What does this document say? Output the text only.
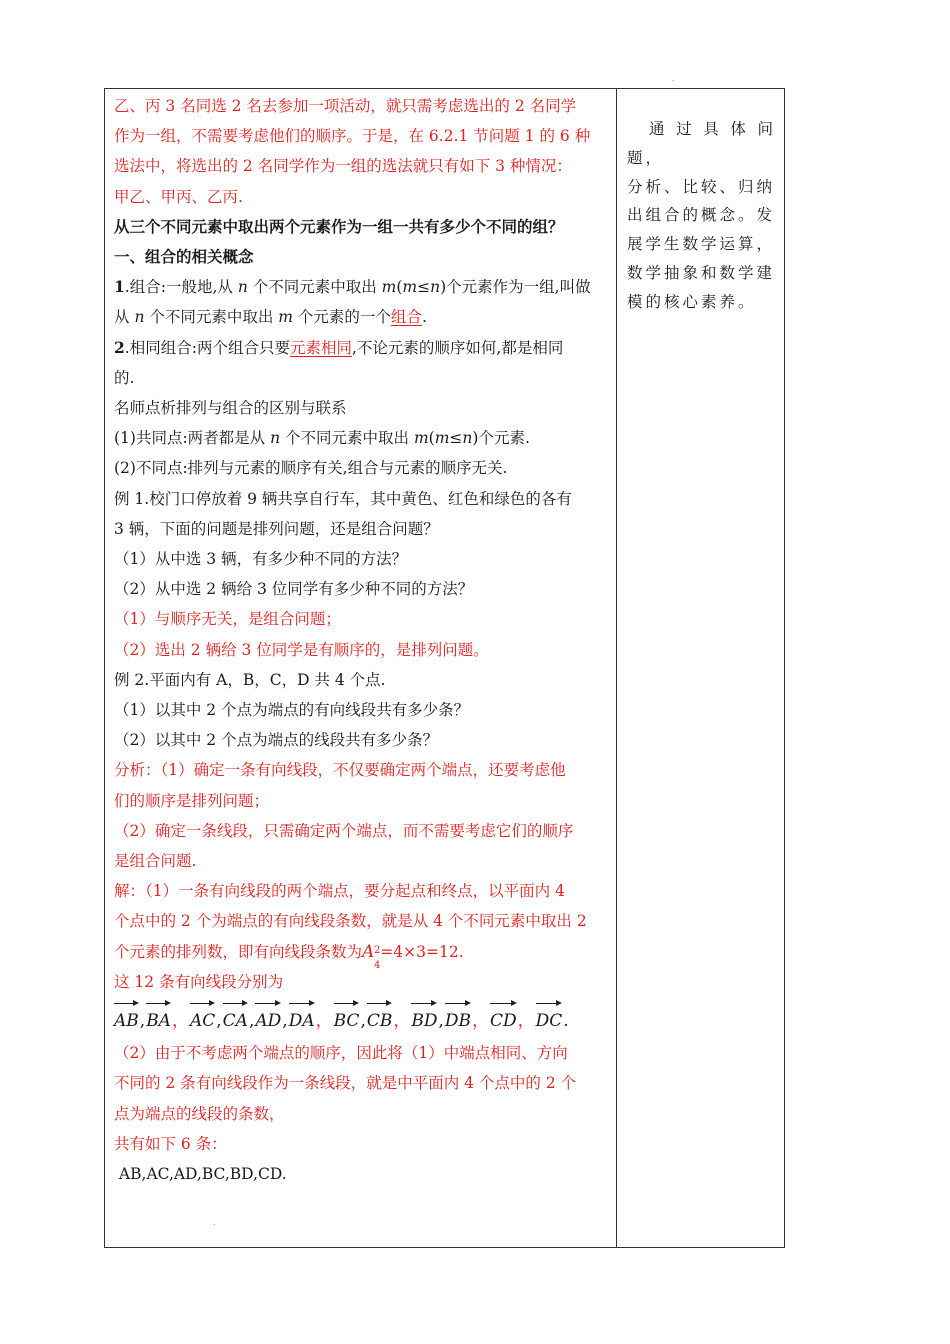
.
.
乙、丙 3 名同选 2 名去参加一项活动，就只需考虑选出的 2 名同学
作为一组，不需要考虑他们的顺序。于是，在 6.2.1 节问题 1 的 6 种
选法中，将选出的 2 名同学作为一组的选法就只有如下 3 种情况：
甲乙、甲丙、乙丙.
从三个不同元素中取出两个元素作为一组一共有多少个不同的组？
一、组合的相关概念
1.组合:一般地,从 n 个不同元素中取出 m(m≤n)个元素作为一组,叫做
从 n 个不同元素中取出 m 个元素的一个组合.
2.相同组合:两个组合只要元素相同,不论元素的顺序如何,都是相同
的.
名师点析排列与组合的区别与联系
(1)共同点:两者都是从 n 个不同元素中取出 m(m≤n)个元素.
(2)不同点:排列与元素的顺序有关,组合与元素的顺序无关.
例 1.校门口停放着 9 辆共享自行车，其中黄色、红色和绿色的各有
3 辆，下面的问题是排列问题，还是组合问题？
（1）从中选 3 辆，有多少种不同的方法？
（2）从中选 2 辆给 3 位同学有多少种不同的方法？
（1）与顺序无关，是组合问题；
（2）选出 2 辆给 3 位同学是有顺序的，是排列问题。
例 2.平面内有 A，B，C，D 共 4 个点.
（1）以其中 2 个点为端点的有向线段共有多少条？
（2）以其中 2 个点为端点的线段共有多少条？
分析：（1）确定一条有向线段，不仅要确定两个端点，还要考虑他
们的顺序是排列问题；
（2）确定一条线段，只需确定两个端点，而不需要考虑它们的顺序
是组合问题.
解：（1）一条有向线段的两个端点，要分起点和终点，以平面内 4
个点中的 2 个为端点的有向线段条数，就是从 4 个不同元素中取出 2
个元素的排列数，即有向线段条数为A 2
4
=4×3=12.
这 12 条有向线段分别为
AB,BA，AC,CA,AD,DA，BC,CB，BD,DB，CD，DC.
（2）由于不考虑两个端点的顺序，因此将（1）中端点相同、方向
不同的 2 条有向线段作为一条线段，就是中平面内 4 个点中的 2 个
点为端点的线段的条数，
共有如下 6 条：
AB,AC,AD,BC,BD,CD.
通过具体问题，
分析、比较、归纳
出组合的概念。发
展学生数学运算，
数学抽象和数学建
模的核心素养。
